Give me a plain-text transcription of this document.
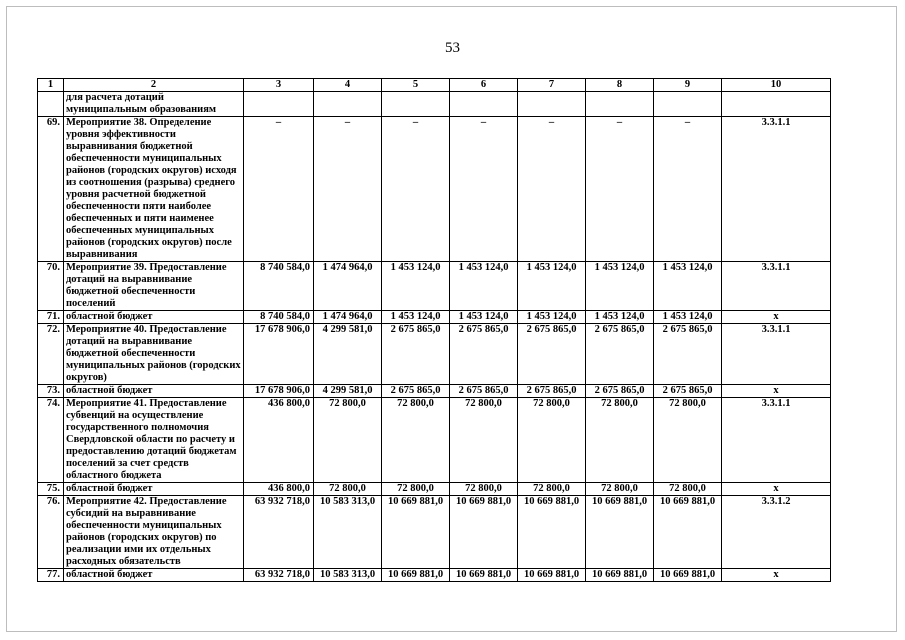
53
1	2	3	4	5	6	7	8	9	10
	для расчета дотаций муниципальным образованиям								
69.	Мероприятие 38. Определение уровня эффективности выравнивания бюджетной обеспеченности муниципальных районов (городских округов) исходя из соотношения (разрыва) среднего уровня расчетной бюджетной обеспеченности пяти наиболее обеспеченных и пяти наименее обеспеченных муниципальных районов (городских округов) после выравнивания	–	–	–	–	–	–	–	3.3.1.1
70.	Мероприятие 39. Предоставление дотаций на выравнивание бюджетной обеспеченности поселений	8 740 584,0	1 474 964,0	1 453 124,0	1 453 124,0	1 453 124,0	1 453 124,0	1 453 124,0	3.3.1.1
71.	областной бюджет	8 740 584,0	1 474 964,0	1 453 124,0	1 453 124,0	1 453 124,0	1 453 124,0	1 453 124,0	x
72.	Мероприятие 40. Предоставление дотаций на выравнивание бюджетной обеспеченности муниципальных районов (городских округов)	17 678 906,0	4 299 581,0	2 675 865,0	2 675 865,0	2 675 865,0	2 675 865,0	2 675 865,0	3.3.1.1
73.	областной бюджет	17 678 906,0	4 299 581,0	2 675 865,0	2 675 865,0	2 675 865,0	2 675 865,0	2 675 865,0	x
74.	Мероприятие 41. Предоставление субвенций на осуществление государственного полномочия Свердловской области по расчету и предоставлению дотаций бюджетам поселений за счет средств областного бюджета	436 800,0	72 800,0	72 800,0	72 800,0	72 800,0	72 800,0	72 800,0	3.3.1.1
75.	областной бюджет	436 800,0	72 800,0	72 800,0	72 800,0	72 800,0	72 800,0	72 800,0	x
76.	Мероприятие 42. Предоставление субсидий на выравнивание обеспеченности муниципальных районов (городских округов) по реализации ими их отдельных расходных обязательств	63 932 718,0	10 583 313,0	10 669 881,0	10 669 881,0	10 669 881,0	10 669 881,0	10 669 881,0	3.3.1.2
77.	областной бюджет	63 932 718,0	10 583 313,0	10 669 881,0	10 669 881,0	10 669 881,0	10 669 881,0	10 669 881,0	x
